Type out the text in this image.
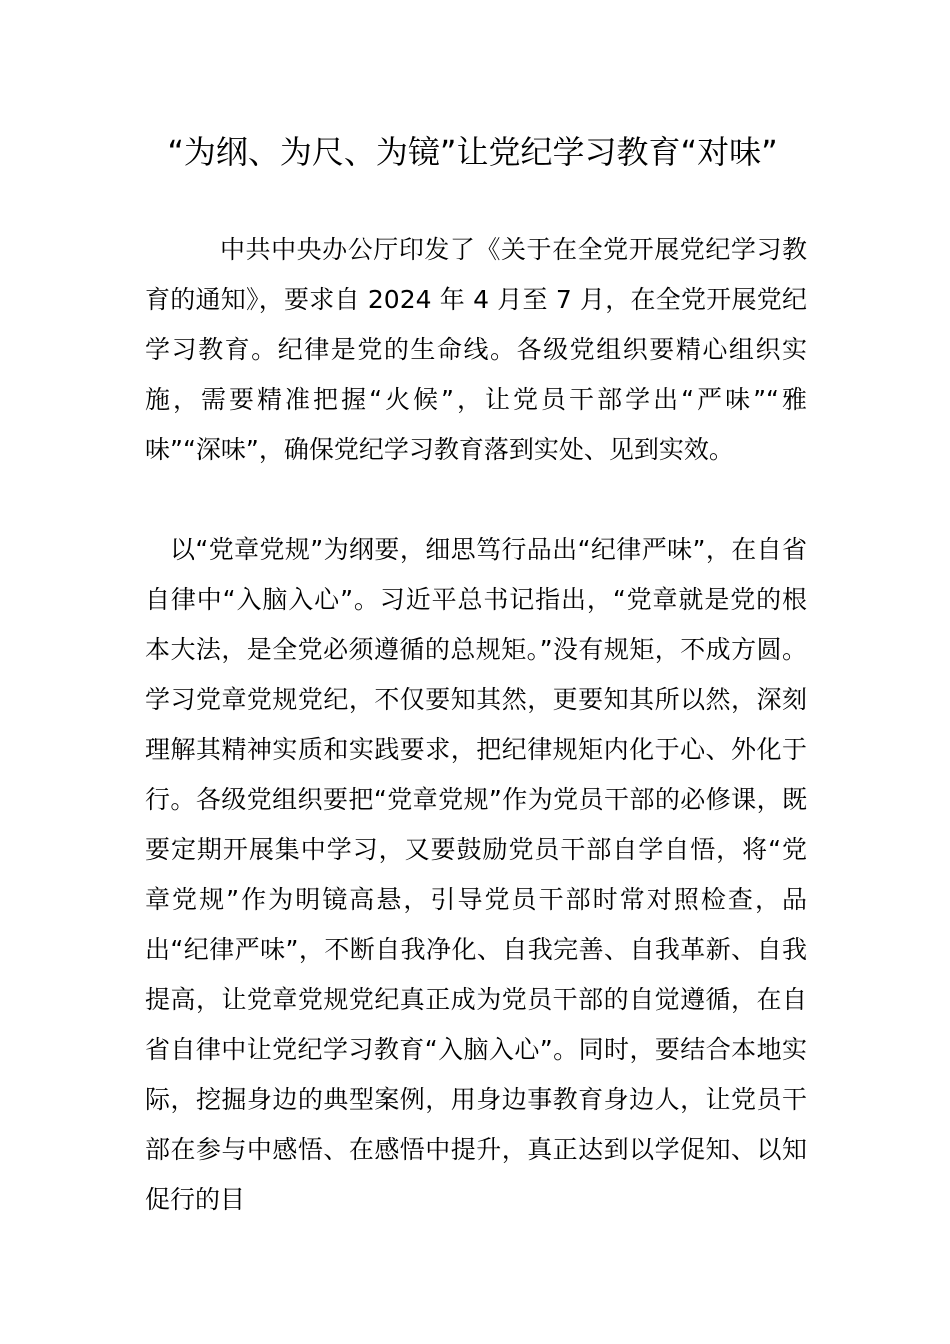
“为纲、为尺、为镜”让党纪学习教育“对味”

中共中央办公厅印发了《关于在全党开展党纪学习教育的通知》，要求自 2024 年 4 月至 7 月，在全党开展党纪学习教育。纪律是党的生命线。各级党组织要精心组织实施，需要精准把握“火候”，让党员干部学出“严味”“雅味”“深味”，确保党纪学习教育落到实处、见到实效。

以“党章党规”为纲要，细思笃行品出“纪律严味”，在自省自律中“入脑入心”。习近平总书记指出，“党章就是党的根本大法，是全党必须遵循的总规矩。”没有规矩，不成方圆。学习党章党规党纪，不仅要知其然，更要知其所以然，深刻理解其精神实质和实践要求，把纪律规矩内化于心、外化于行。各级党组织要把“党章党规”作为党员干部的必修课，既要定期开展集中学习，又要鼓励党员干部自学自悟，将“党章党规”作为明镜高悬，引导党员干部时常对照检查，品出“纪律严味”，不断自我净化、自我完善、自我革新、自我提高，让党章党规党纪真正成为党员干部的自觉遵循，在自省自律中让党纪学习教育“入脑入心”。同时，要结合本地实际，挖掘身边的典型案例，用身边事教育身边人，让党员干部在参与中感悟、在感悟中提升，真正达到以学促知、以知促行的目
